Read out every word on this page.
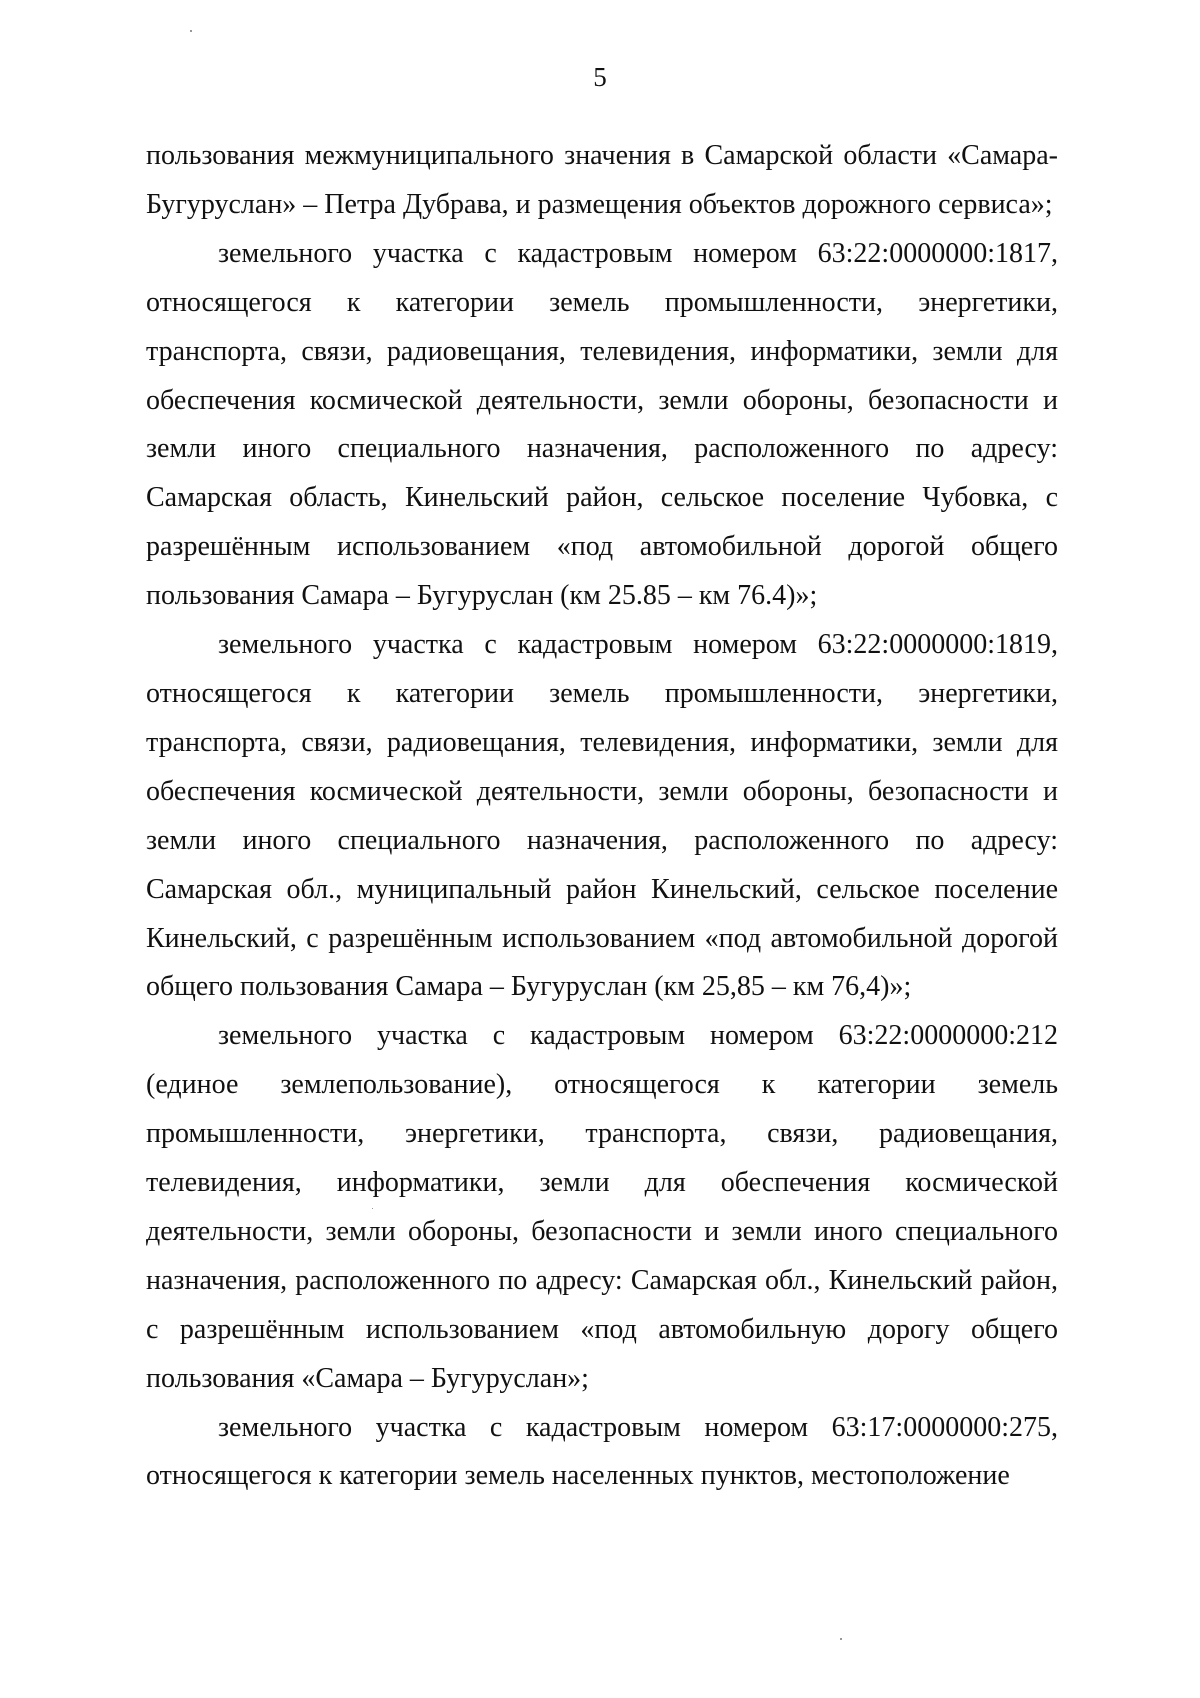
5

пользования межмуниципального значения в Самарской области «Самара-Бугуруслан» – Петра Дубрава, и размещения объектов дорожного сервиса»;

земельного участка с кадастровым номером 63:22:0000000:1817, относящегося к категории земель промышленности, энергетики, транспорта, связи, радиовещания, телевидения, информатики, земли для обеспечения космической деятельности, земли обороны, безопасности и земли иного специального назначения, расположенного по адресу: Самарская область, Кинельский район, сельское поселение Чубовка, с разрешённым использованием «под автомобильной дорогой общего пользования Самара – Бугуруслан (км 25.85 – км 76.4)»;

земельного участка с кадастровым номером 63:22:0000000:1819, относящегося к категории земель промышленности, энергетики, транспорта, связи, радиовещания, телевидения, информатики, земли для обеспечения космической деятельности, земли обороны, безопасности и земли иного специального назначения, расположенного по адресу: Самарская обл., муниципальный район Кинельский, сельское поселение Кинельский, с разрешённым использованием «под автомобильной дорогой общего пользования Самара – Бугуруслан (км 25,85 – км 76,4)»;

земельного участка с кадастровым номером 63:22:0000000:212 (единое землепользование), относящегося к категории земель промышленности, энергетики, транспорта, связи, радиовещания, телевидения, информатики, земли для обеспечения космической деятельности, земли обороны, безопасности и земли иного специального назначения, расположенного по адресу: Самарская обл., Кинельский район, с разрешённым использованием «под автомобильную дорогу общего пользования «Самара – Бугуруслан»;

земельного участка с кадастровым номером 63:17:0000000:275, относящегося к категории земель населенных пунктов, местоположение
